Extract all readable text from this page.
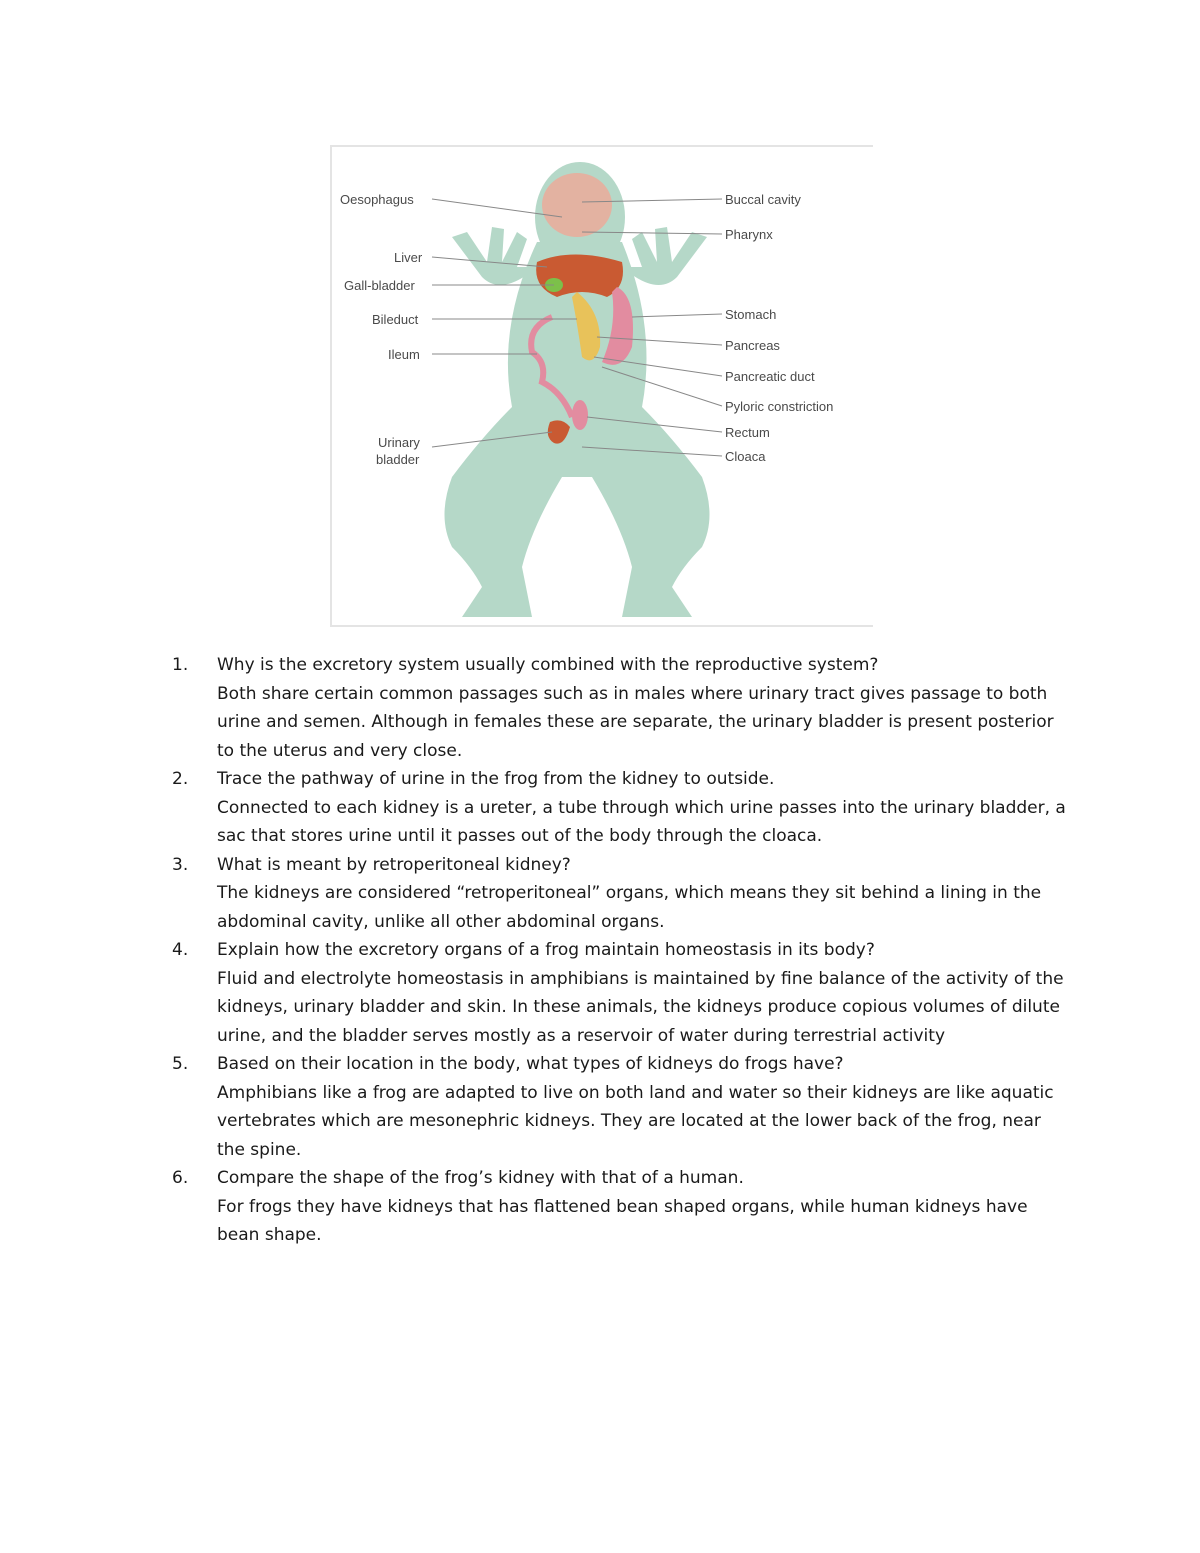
Oesophagus
Liver
Gall-bladder
Bileduct
Ileum
Urinary
bladder
Buccal cavity
Pharynx
Stomach
Pancreas
Pancreatic duct
Pyloric constriction
Rectum
Cloaca
1. Why is the excretory system usually combined with the reproductive system?
Both share certain common passages such as in males where urinary tract gives passage to both urine and semen. Although in females these are separate, the urinary bladder is present posterior to the uterus and very close.
2. Trace the pathway of urine in the frog from the kidney to outside.
Connected to each kidney is a ureter, a tube through which urine passes into the urinary bladder, a sac that stores urine until it passes out of the body through the cloaca.
3. What is meant by retroperitoneal kidney?
The kidneys are considered “retroperitoneal” organs, which means they sit behind a lining in the abdominal cavity, unlike all other abdominal organs.
4. Explain how the excretory organs of a frog maintain homeostasis in its body?
Fluid and electrolyte homeostasis in amphibians is maintained by fine balance of the activity of the kidneys, urinary bladder and skin. In these animals, the kidneys produce copious volumes of dilute urine, and the bladder serves mostly as a reservoir of water during terrestrial activity
5. Based on their location in the body, what types of kidneys do frogs have?
Amphibians like a frog are adapted to live on both land and water so their kidneys are like aquatic vertebrates which are mesonephric kidneys. They are located at the lower back of the frog, near the spine.
6. Compare the shape of the frog’s kidney with that of a human.
For frogs they have kidneys that has flattened bean shaped organs, while human kidneys have bean shape.
